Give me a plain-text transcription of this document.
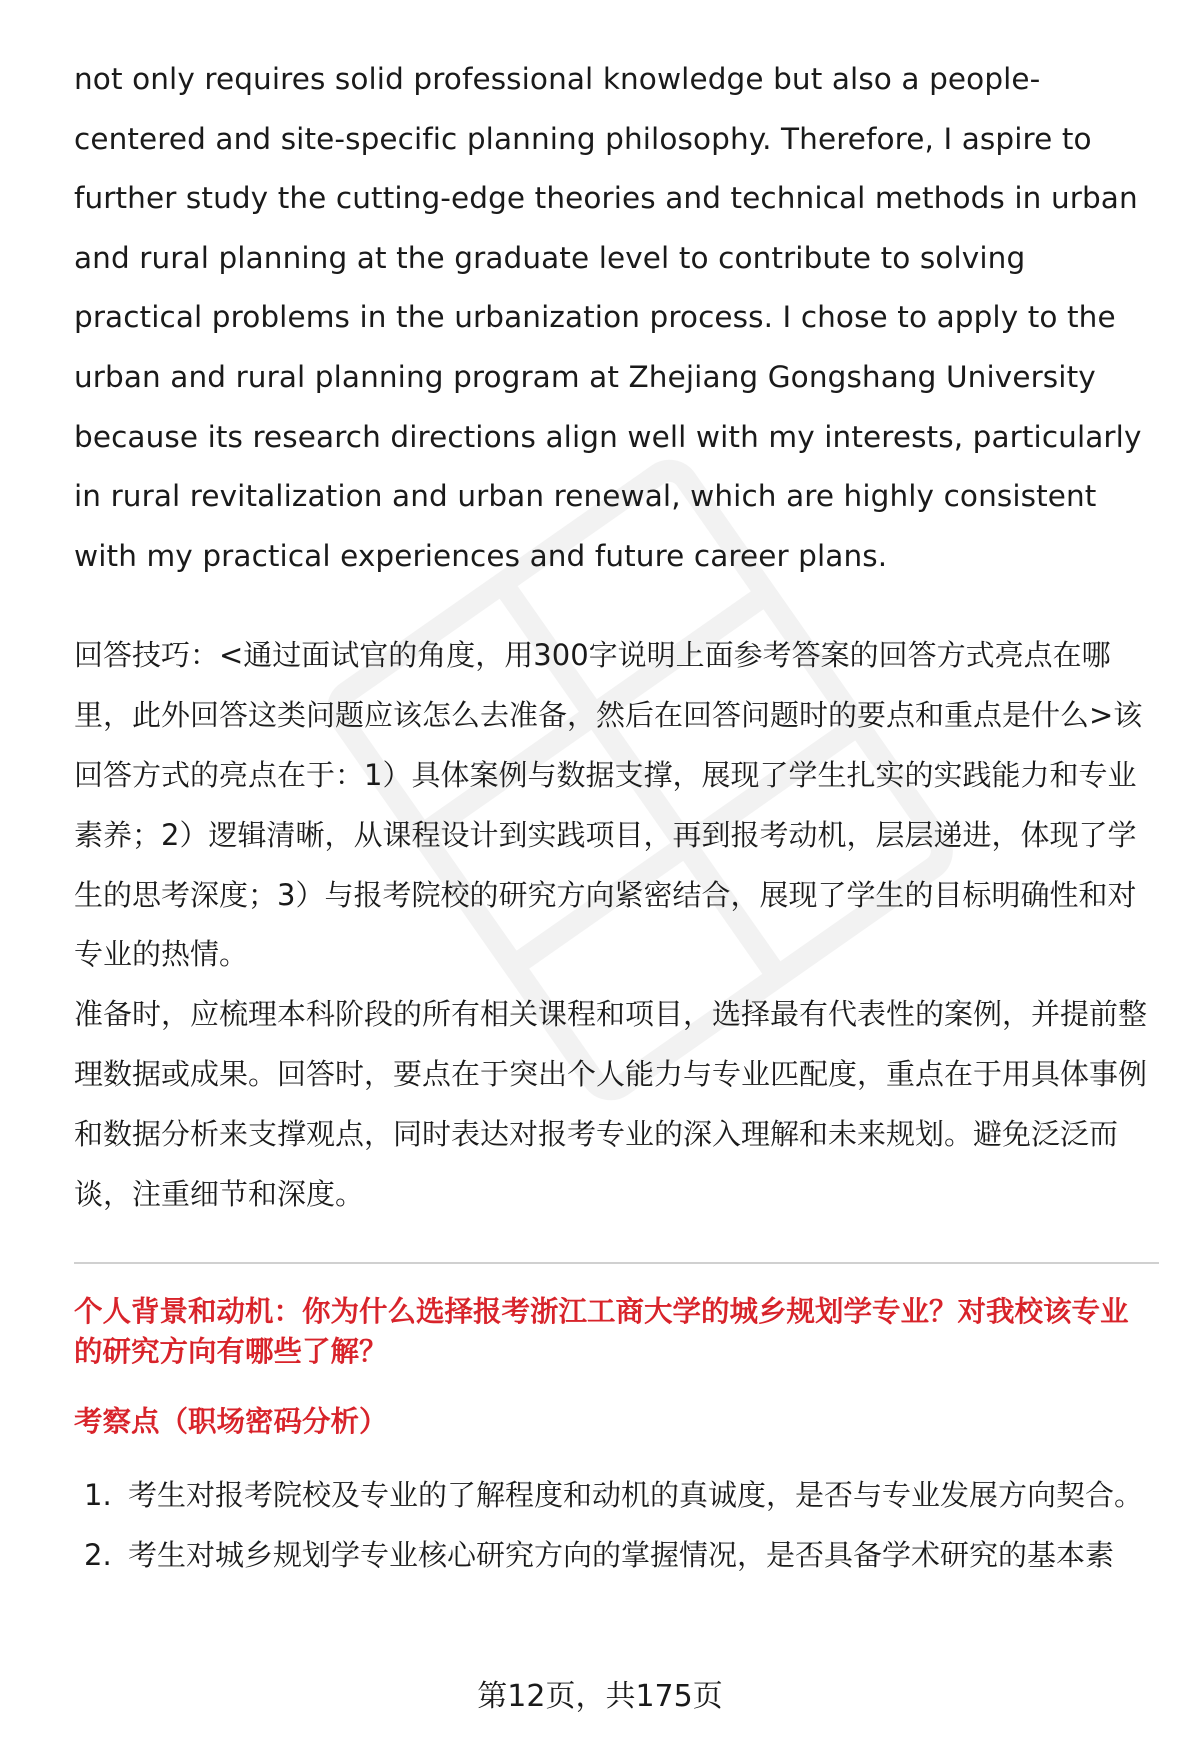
not only requires solid professional knowledge but also a people-centered and site-specific planning philosophy. Therefore, I aspire to further study the cutting-edge theories and technical methods in urban and rural planning at the graduate level to contribute to solving practical problems in the urbanization process. I chose to apply to the urban and rural planning program at Zhejiang Gongshang University because its research directions align well with my interests, particularly in rural revitalization and urban renewal, which are highly consistent with my practical experiences and future career plans.

回答技巧：<通过面试官的角度，用300字说明上面参考答案的回答方式亮点在哪里，此外回答这类问题应该怎么去准备，然后在回答问题时的要点和重点是什么>该回答方式的亮点在于：1）具体案例与数据支撑，展现了学生扎实的实践能力和专业素养；2）逻辑清晰，从课程设计到实践项目，再到报考动机，层层递进，体现了学生的思考深度；3）与报考院校的研究方向紧密结合，展现了学生的目标明确性和对专业的热情。

准备时，应梳理本科阶段的所有相关课程和项目，选择最有代表性的案例，并提前整理数据或成果。回答时，要点在于突出个人能力与专业匹配度，重点在于用具体事例和数据分析来支撑观点，同时表达对报考专业的深入理解和未来规划。避免泛泛而谈，注重细节和深度。

个人背景和动机：你为什么选择报考浙江工商大学的城乡规划学专业？对我校该专业的研究方向有哪些了解？
考察点（职场密码分析）
1. 考生对报考院校及专业的了解程度和动机的真诚度，是否与专业发展方向契合。
2. 考生对城乡规划学专业核心研究方向的掌握情况，是否具备学术研究的基本素
第12页，共175页
